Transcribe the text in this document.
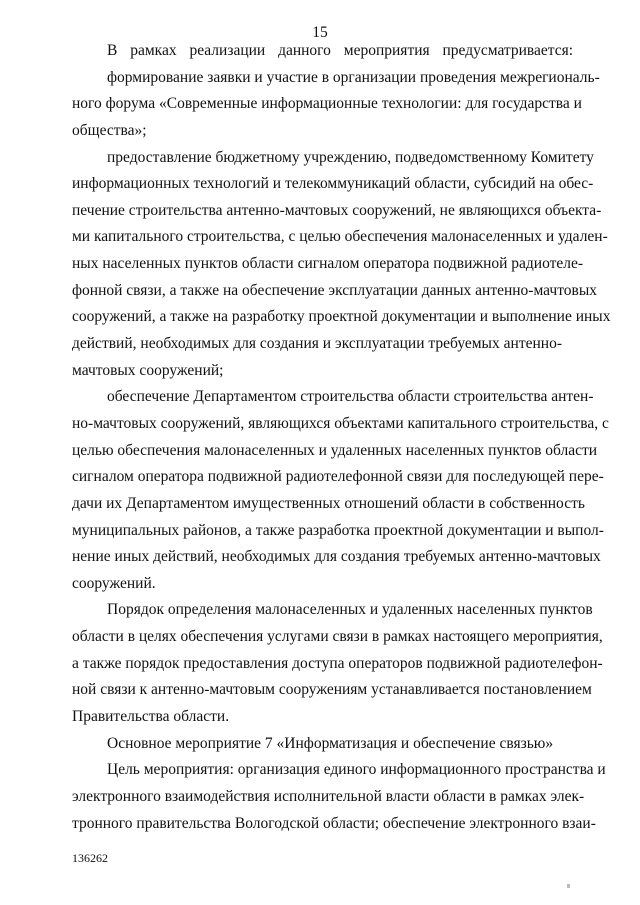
15
В рамках реализации данного мероприятия предусматривается:
формирование заявки и участие в организации проведения межрегиональ-
ного форума «Современные информационные технологии: для государства и
общества»;
предоставление бюджетному учреждению, подведомственному Комитету
информационных технологий и телекоммуникаций области, субсидий на обес-
печение строительства антенно-мачтовых сооружений, не являющихся объекта-
ми капитального строительства, с целью обеспечения малонаселенных и удален-
ных населенных пунктов области сигналом оператора подвижной радиотеле-
фонной связи, а также на обеспечение эксплуатации данных антенно-мачтовых
сооружений, а также на разработку проектной документации и выполнение иных
действий, необходимых для создания и эксплуатации требуемых антенно-
мачтовых сооружений;
обеспечение Департаментом строительства области строительства антен-
но-мачтовых сооружений, являющихся объектами капитального строительства, с
целью обеспечения малонаселенных и удаленных населенных пунктов области
сигналом оператора подвижной радиотелефонной связи для последующей пере-
дачи их Департаментом имущественных отношений области в собственность
муниципальных районов, а также разработка проектной документации и выпол-
нение иных действий, необходимых для создания требуемых антенно-мачтовых
сооружений.
Порядок определения малонаселенных и удаленных населенных пунктов
области в целях обеспечения услугами связи в рамках настоящего мероприятия,
а также порядок предоставления доступа операторов подвижной радиотелефон-
ной связи к антенно-мачтовым сооружениям устанавливается постановлением
Правительства области.
Основное мероприятие 7 «Информатизация и обеспечение связью»
Цель мероприятия: организация единого информационного пространства и
электронного взаимодействия исполнительной власти области в рамках элек-
тронного правительства Вологодской области; обеспечение электронного взаи-
136262
